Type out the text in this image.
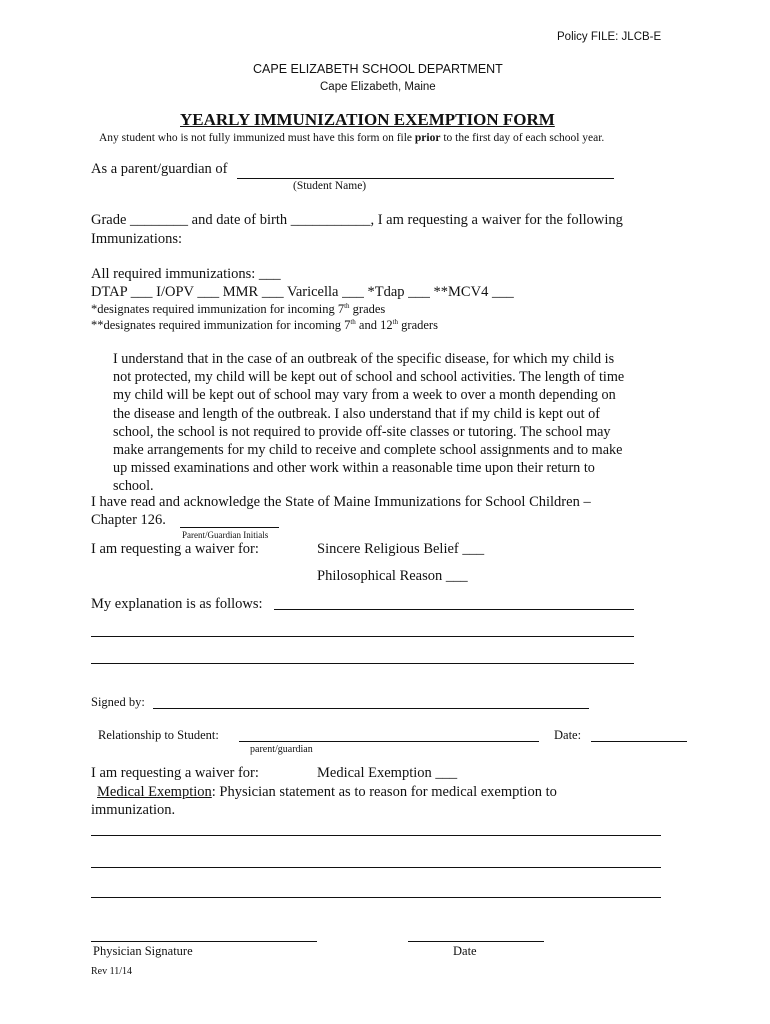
Policy FILE: JLCB-E
CAPE ELIZABETH SCHOOL DEPARTMENT
Cape Elizabeth, Maine
YEARLY IMMUNIZATION EXEMPTION FORM
Any student who is not fully immunized must have this form on file prior to the first day of each school year.
As a parent/guardian of
(Student Name)
Grade ________ and date of birth ___________, I am requesting a waiver for the following
Immunizations:
All required immunizations: ___
DTAP ___ I/OPV ___ MMR ___ Varicella ___ *Tdap ___ **MCV4 ___
*designates required immunization for incoming 7th grades
**designates required immunization for incoming 7th and 12th graders
I understand that in the case of an outbreak of the specific disease, for which my child is
not protected, my child will be kept out of school and school activities. The length of time
my child will be kept out of school may vary from a week to over a month depending on
the disease and length of the outbreak. I also understand that if my child is kept out of
school, the school is not required to provide off-site classes or tutoring. The school may
make arrangements for my child to receive and complete school assignments and to make
up missed examinations and other work within a reasonable time upon their return to
school.
I have read and acknowledge the State of Maine Immunizations for School Children –
Chapter 126.
Parent/Guardian Initials
I am requesting a waiver for:	Sincere Religious Belief ___
Philosophical Reason ___
My explanation is as follows:
Signed by:
Relationship to Student:	Date:
parent/guardian
I am requesting a waiver for:	Medical Exemption ___
Medical Exemption: Physician statement as to reason for medical exemption to
immunization.
Physician Signature	Date
Rev 11/14
